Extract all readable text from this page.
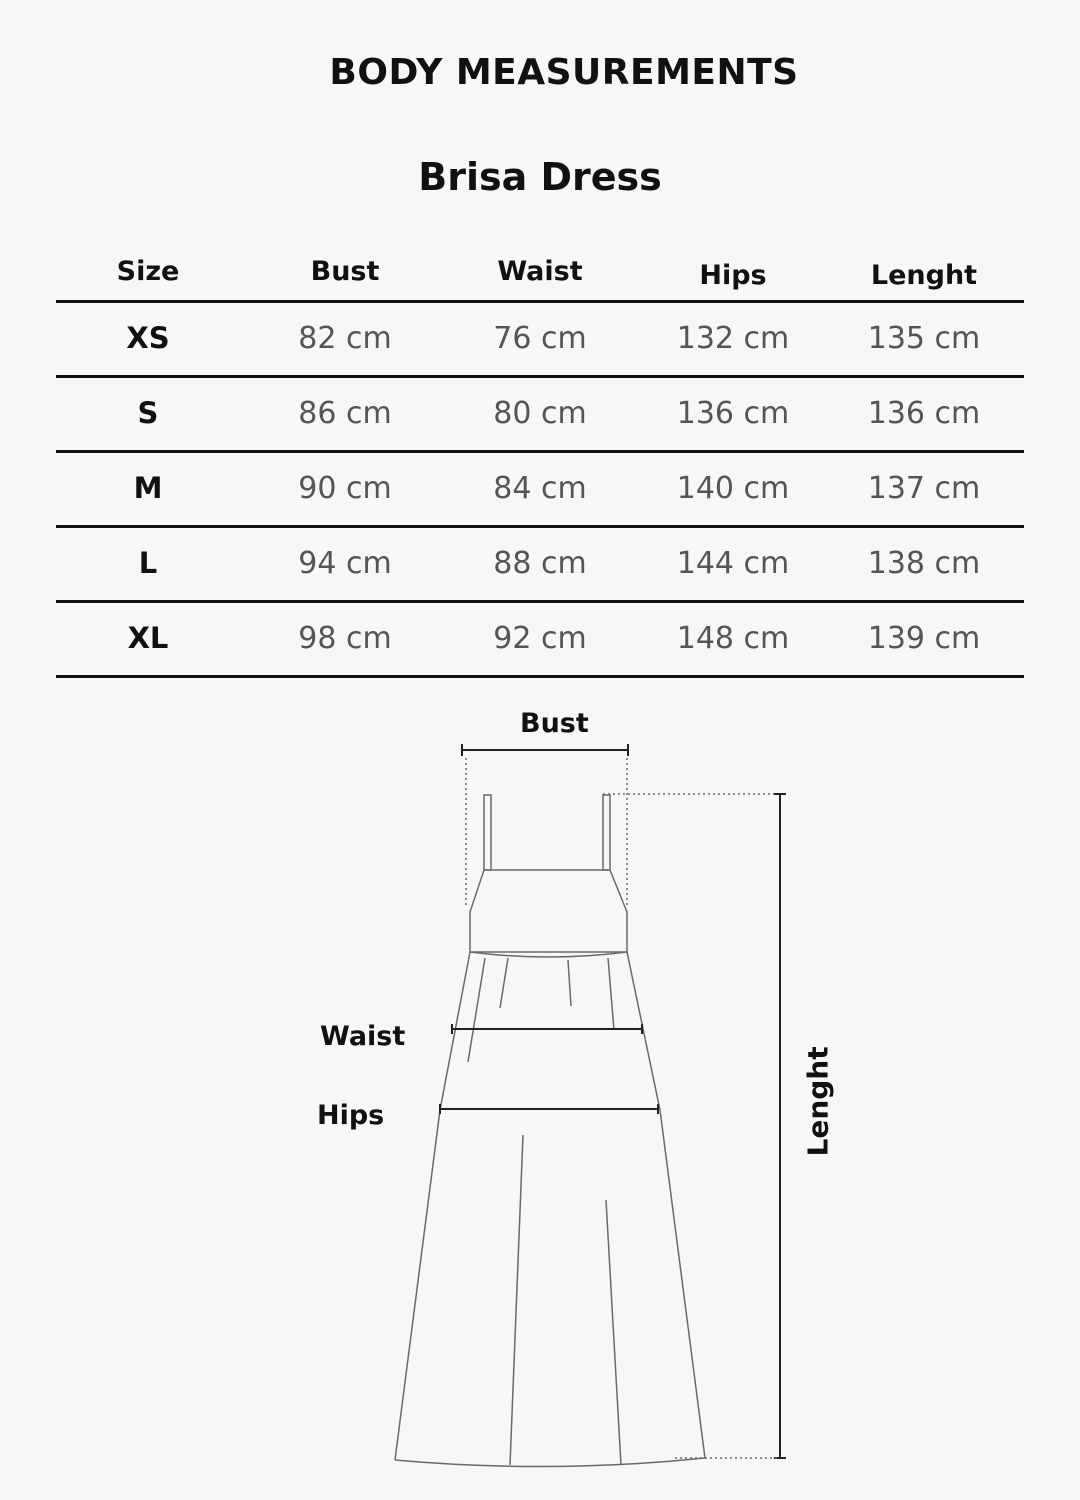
BODY MEASUREMENTS
Brisa Dress
Size	Bust	Waist	Hips	Lenght
XS	82 cm	76 cm	132 cm	135 cm
S	86 cm	80 cm	136 cm	136 cm
M	90 cm	84 cm	140 cm	137 cm
L	94 cm	88 cm	144 cm	138 cm
XL	98 cm	92 cm	148 cm	139 cm
Bust
Waist
Hips	Lenght
